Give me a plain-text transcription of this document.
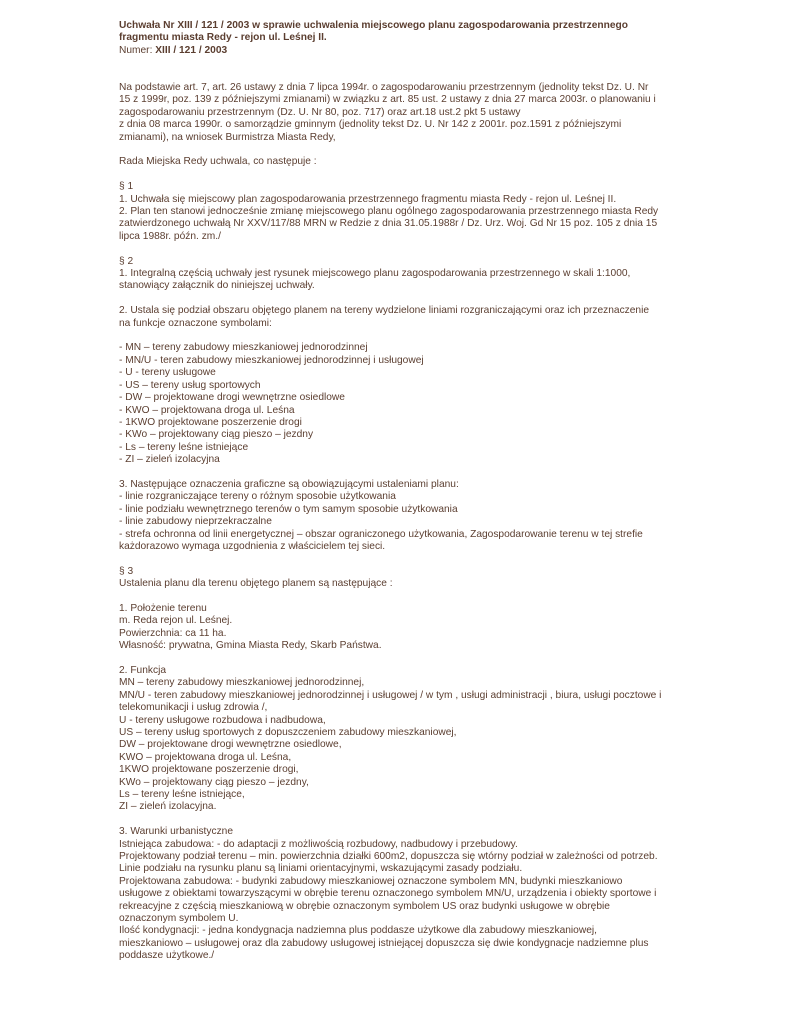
Uchwała Nr XIII / 121 / 2003 w sprawie uchwalenia miejscowego planu zagospodarowania przestrzennego

fragmentu miasta Redy - rejon ul. Leśnej II.

Numer: XIII / 121 / 2003

Na podstawie art. 7, art. 26 ustawy z dnia 7 lipca 1994r. o zagospodarowaniu przestrzennym (jednolity tekst Dz. U. Nr

15 z 1999r, poz. 139 z późniejszymi zmianami) w związku z art. 85 ust. 2 ustawy z dnia 27 marca 2003r. o planowaniu i

zagospodarowaniu przestrzennym (Dz. U. Nr 80, poz. 717) oraz art.18 ust.2 pkt 5 ustawy

z dnia 08 marca 1990r. o samorządzie gminnym (jednolity tekst Dz. U. Nr 142 z 2001r. poz.1591 z późniejszymi

zmianami), na wniosek Burmistrza Miasta Redy,

Rada Miejska Redy uchwala, co następuje :

§ 1

1. Uchwała się miejscowy plan zagospodarowania przestrzennego fragmentu miasta Redy - rejon ul. Leśnej II.

2. Plan ten stanowi jednocześnie zmianę miejscowego planu ogólnego zagospodarowania przestrzennego miasta Redy

zatwierdzonego uchwałą Nr XXV/117/88 MRN w Redzie z dnia 31.05.1988r / Dz. Urz. Woj. Gd Nr 15 poz. 105 z dnia 15

lipca 1988r. późn. zm./

§ 2

1. Integralną częścią uchwały jest rysunek miejscowego planu zagospodarowania przestrzennego w skali 1:1000,

stanowiący załącznik do niniejszej uchwały.

2. Ustala się podział obszaru objętego planem na tereny wydzielone liniami rozgraniczającymi oraz ich przeznaczenie

na funkcje oznaczone symbolami:

- MN – tereny zabudowy mieszkaniowej jednorodzinnej

- MN/U - teren zabudowy mieszkaniowej jednorodzinnej i usługowej

- U - tereny usługowe

- US – tereny usług sportowych

- DW – projektowane drogi wewnętrzne osiedlowe

- KWO – projektowana droga ul. Leśna

- 1KWO projektowane poszerzenie drogi

- KWo – projektowany ciąg pieszo – jezdny

- Ls – tereny leśne istniejące

- ZI – zieleń izolacyjna

3. Następujące oznaczenia graficzne są obowiązującymi ustaleniami planu:

- linie rozgraniczające tereny o różnym sposobie użytkowania

- linie podziału wewnętrznego terenów o tym samym sposobie użytkowania

- linie zabudowy nieprzekraczalne

- strefa ochronna od linii energetycznej – obszar ograniczonego użytkowania, Zagospodarowanie terenu w tej strefie

każdorazowo wymaga uzgodnienia z właścicielem tej sieci.

§ 3

Ustalenia planu dla terenu objętego planem są następujące :

1. Położenie terenu

m. Reda rejon ul. Leśnej.

Powierzchnia: ca 11 ha.

Własność: prywatna, Gmina Miasta Redy, Skarb Państwa.

2. Funkcja

MN – tereny zabudowy mieszkaniowej jednorodzinnej,

MN/U - teren zabudowy mieszkaniowej jednorodzinnej i usługowej / w tym , usługi administracji , biura, usługi pocztowe i

telekomunikacji i usług zdrowia /,

U - tereny usługowe rozbudowa i nadbudowa,

US – tereny usług sportowych z dopuszczeniem zabudowy mieszkaniowej,

DW – projektowane drogi wewnętrzne osiedlowe,

KWO – projektowana droga ul. Leśna,

1KWO projektowane poszerzenie drogi,

KWo – projektowany ciąg pieszo – jezdny,

Ls – tereny leśne istniejące,

ZI – zieleń izolacyjna.

3. Warunki urbanistyczne

Istniejąca zabudowa: - do adaptacji z możliwością rozbudowy, nadbudowy i przebudowy.

Projektowany podział terenu – min. powierzchnia działki 600m2, dopuszcza się wtórny podział w zależności od potrzeb.

Linie podziału na rysunku planu są liniami orientacyjnymi, wskazującymi zasady podziału.

Projektowana zabudowa: - budynki zabudowy mieszkaniowej oznaczone symbolem MN, budynki mieszkaniowo

usługowe z obiektami towarzyszącymi w obrębie terenu oznaczonego symbolem MN/U, urządzenia i obiekty sportowe i

rekreacyjne z częścią mieszkaniową w obrębie oznaczonym symbolem US oraz budynki usługowe w obrębie

oznaczonym symbolem U.

Ilość kondygnacji: - jedna kondygnacja nadziemna plus poddasze użytkowe dla zabudowy mieszkaniowej,

mieszkaniowo – usługowej oraz dla zabudowy usługowej istniejącej dopuszcza się dwie kondygnacje nadziemne plus

poddasze użytkowe./
